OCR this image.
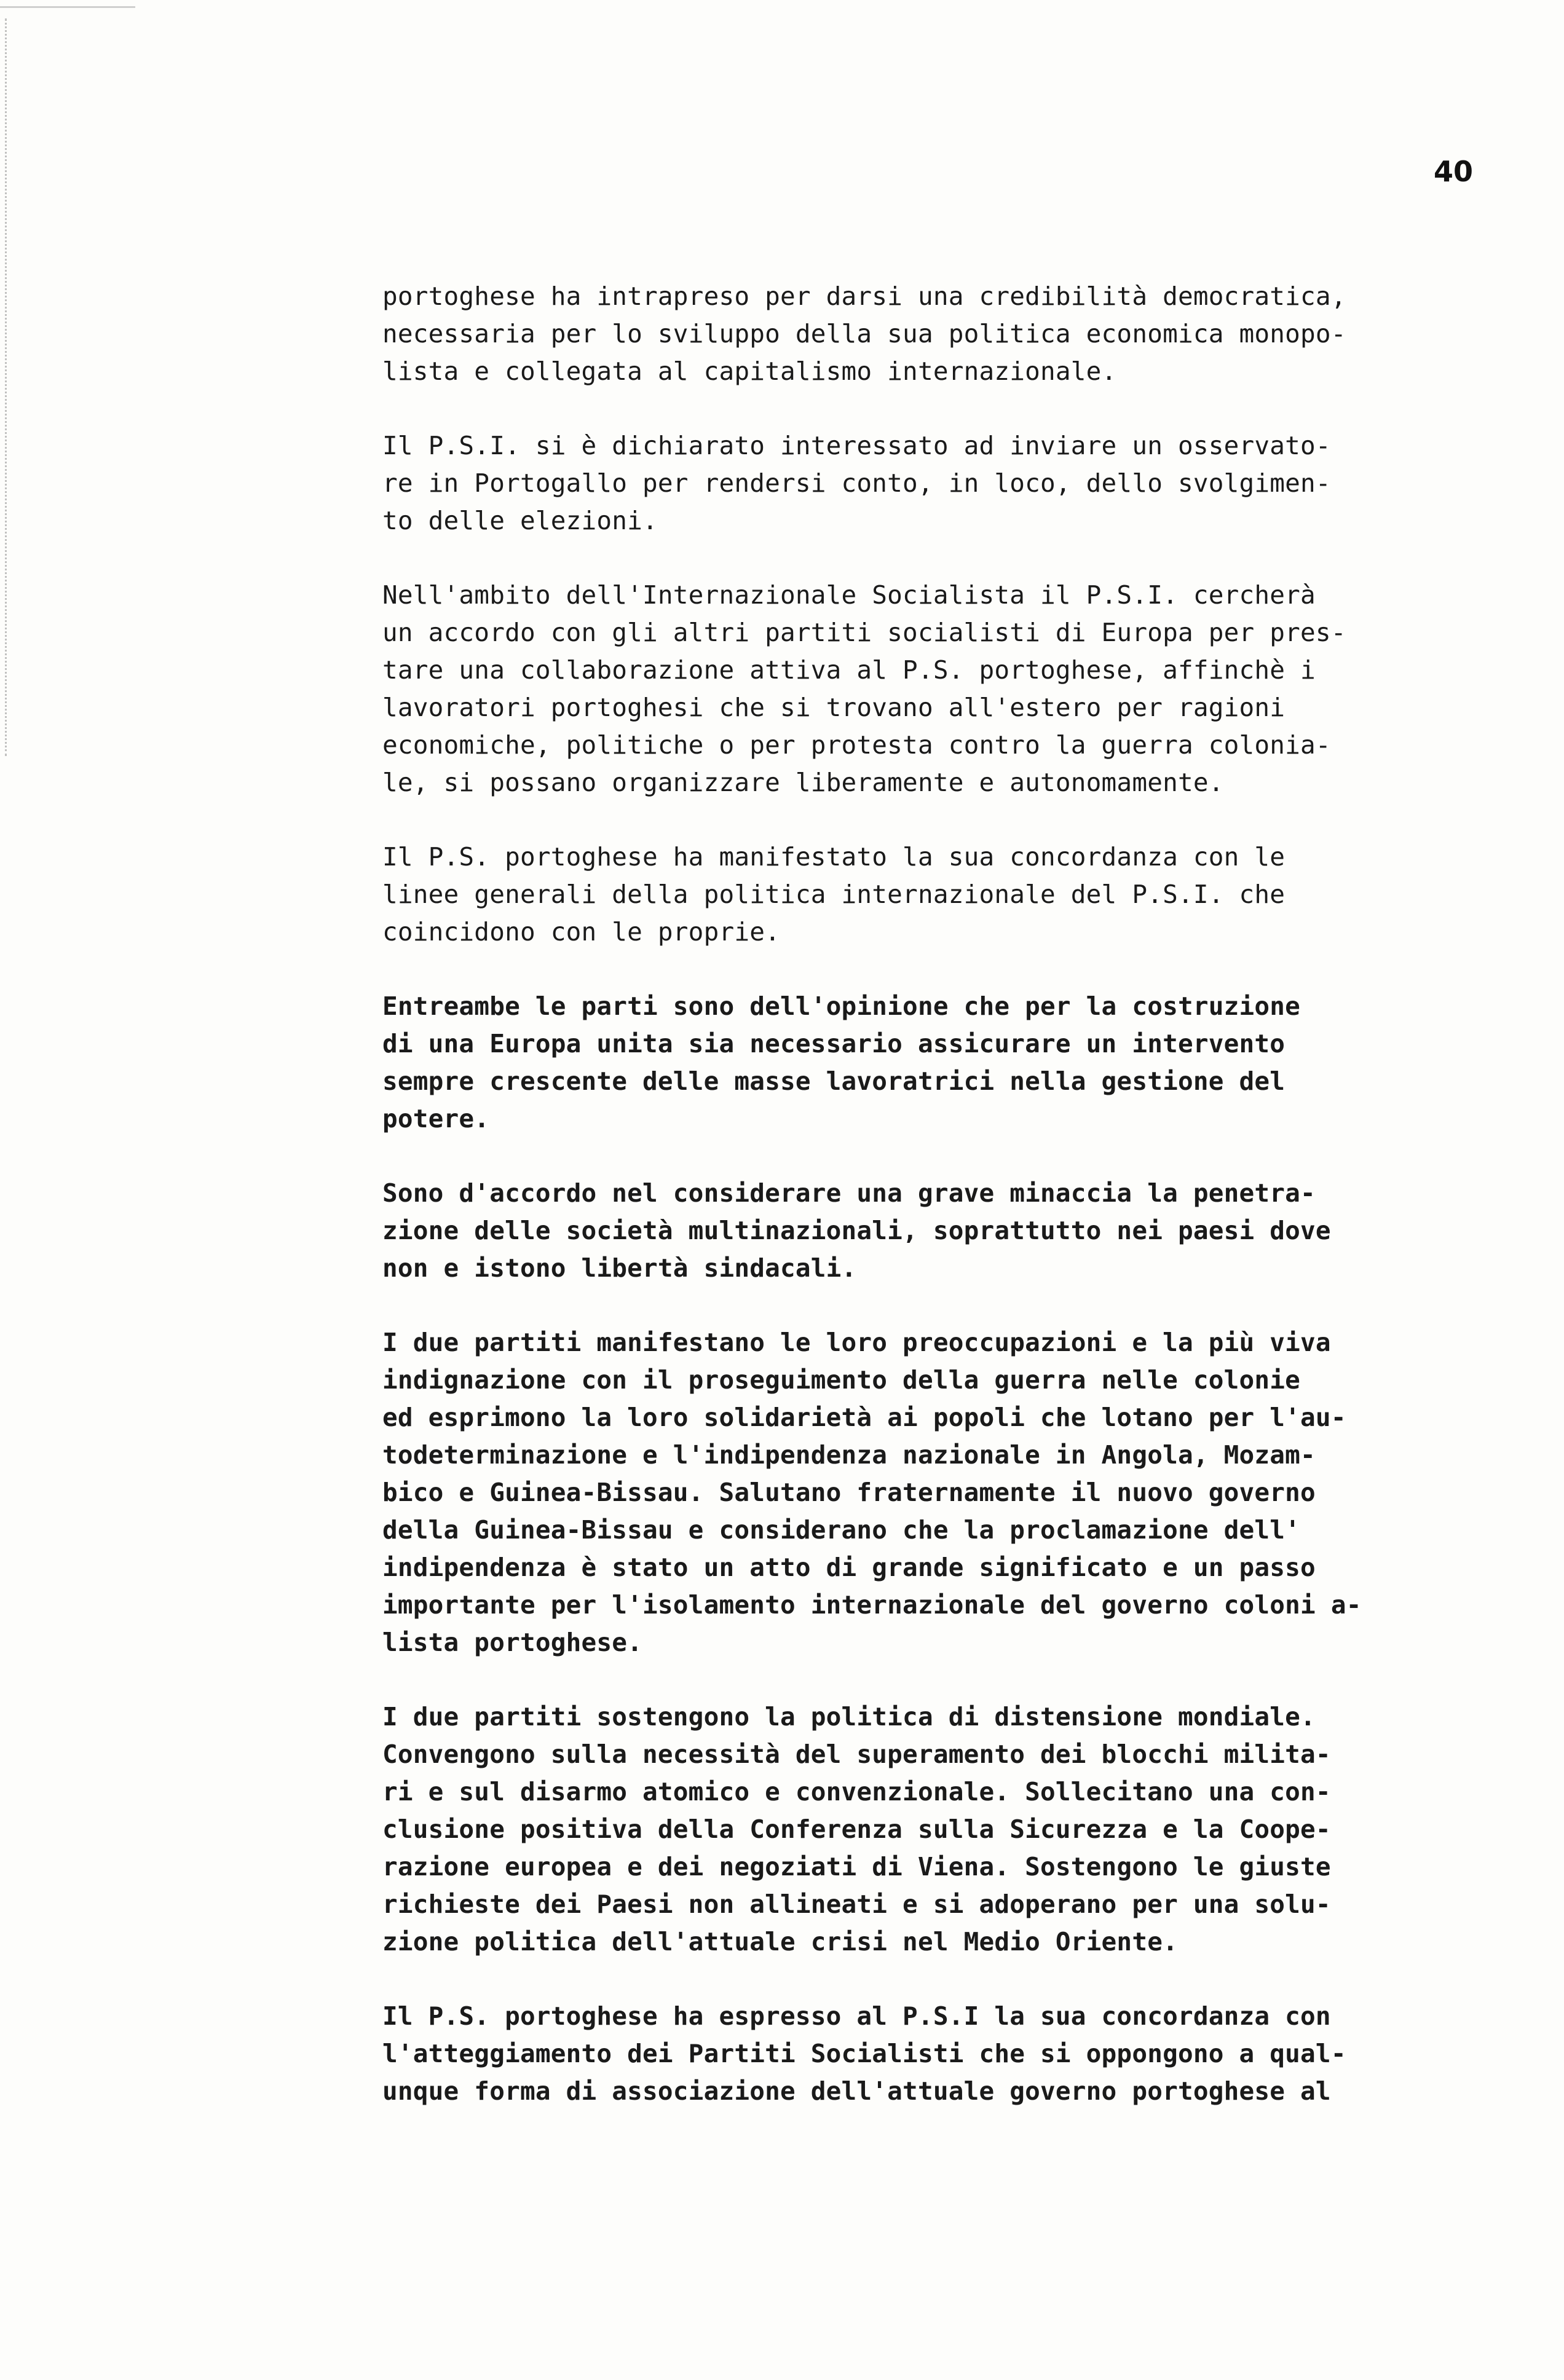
40

portoghese ha intrapreso per darsi una credibilità democratica,
necessaria per lo sviluppo della sua politica economica monopo-
lista e collegata al capitalismo internazionale.

Il P.S.I. si è dichiarato interessato ad inviare un osservato-
re in Portogallo per rendersi conto, in loco, dello svolgimen-
to delle elezioni.

Nell'ambito dell'Internazionale Socialista il P.S.I. cercherà
un accordo con gli altri partiti socialisti di Europa per pres-
tare una collaborazione attiva al P.S. portoghese, affinchè i
lavoratori portoghesi che si trovano all'estero per ragioni
economiche, politiche o per protesta contro la guerra colonia-
le, si possano organizzare liberamente e autonomamente.

Il P.S. portoghese ha manifestato la sua concordanza con le
linee generali della politica internazionale del P.S.I. che
coincidono con le proprie.

Entreambe le parti sono dell'opinione che per la costruzione
di una Europa unita sia necessario assicurare un intervento
sempre crescente delle masse lavoratrici nella gestione del
potere.

Sono d'accordo nel considerare una grave minaccia la penetra-
zione delle società multinazionali, soprattutto nei paesi dove
non e istono libertà sindacali.

I due partiti manifestano le loro preoccupazioni e la più viva
indignazione con il proseguimento della guerra nelle colonie
ed esprimono la loro solidarietà ai popoli che lotano per l'au-
todeterminazione e l'indipendenza nazionale in Angola, Mozam-
bico e Guinea-Bissau. Salutano fraternamente il nuovo governo
della Guinea-Bissau e considerano che la proclamazione dell'
indipendenza è stato un atto di grande significato e un passo
importante per l'isolamento internazionale del governo coloni a-
lista portoghese.

I due partiti sostengono la politica di distensione mondiale.
Convengono sulla necessità del superamento dei blocchi milita-
ri e sul disarmo atomico e convenzionale. Sollecitano una con-
clusione positiva della Conferenza sulla Sicurezza e la Coope-
razione europea e dei negoziati di Viena. Sostengono le giuste
richieste dei Paesi non allineati e si adoperano per una solu-
zione politica dell'attuale crisi nel Medio Oriente.

Il P.S. portoghese ha espresso al P.S.I la sua concordanza con
l'atteggiamento dei Partiti Socialisti che si oppongono a qual-
unque forma di associazione dell'attuale governo portoghese al
